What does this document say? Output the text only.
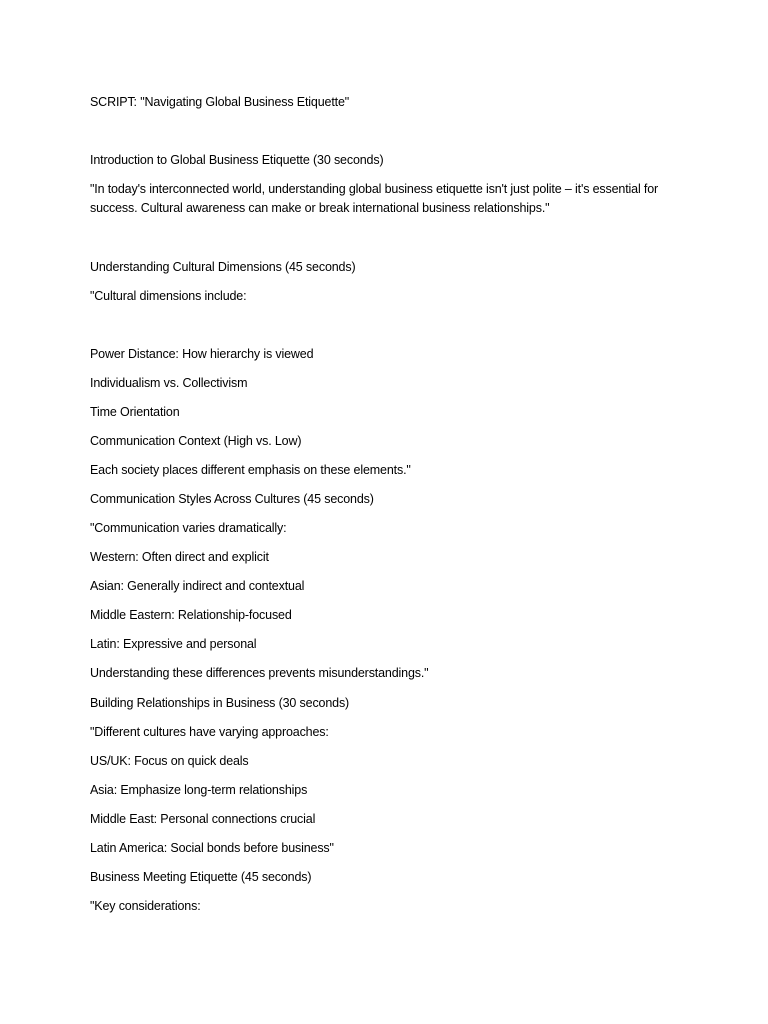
SCRIPT: "Navigating Global Business Etiquette"
Introduction to Global Business Etiquette (30 seconds)
"In today's interconnected world, understanding global business etiquette isn't just polite – it's essential for success. Cultural awareness can make or break international business relationships."
Understanding Cultural Dimensions (45 seconds)
"Cultural dimensions include:
Power Distance: How hierarchy is viewed
Individualism vs. Collectivism
Time Orientation
Communication Context (High vs. Low)
Each society places different emphasis on these elements."
Communication Styles Across Cultures (45 seconds)
"Communication varies dramatically:
Western: Often direct and explicit
Asian: Generally indirect and contextual
Middle Eastern: Relationship-focused
Latin: Expressive and personal
Understanding these differences prevents misunderstandings."
Building Relationships in Business (30 seconds)
"Different cultures have varying approaches:
US/UK: Focus on quick deals
Asia: Emphasize long-term relationships
Middle East: Personal connections crucial
Latin America: Social bonds before business"
Business Meeting Etiquette (45 seconds)
"Key considerations:
